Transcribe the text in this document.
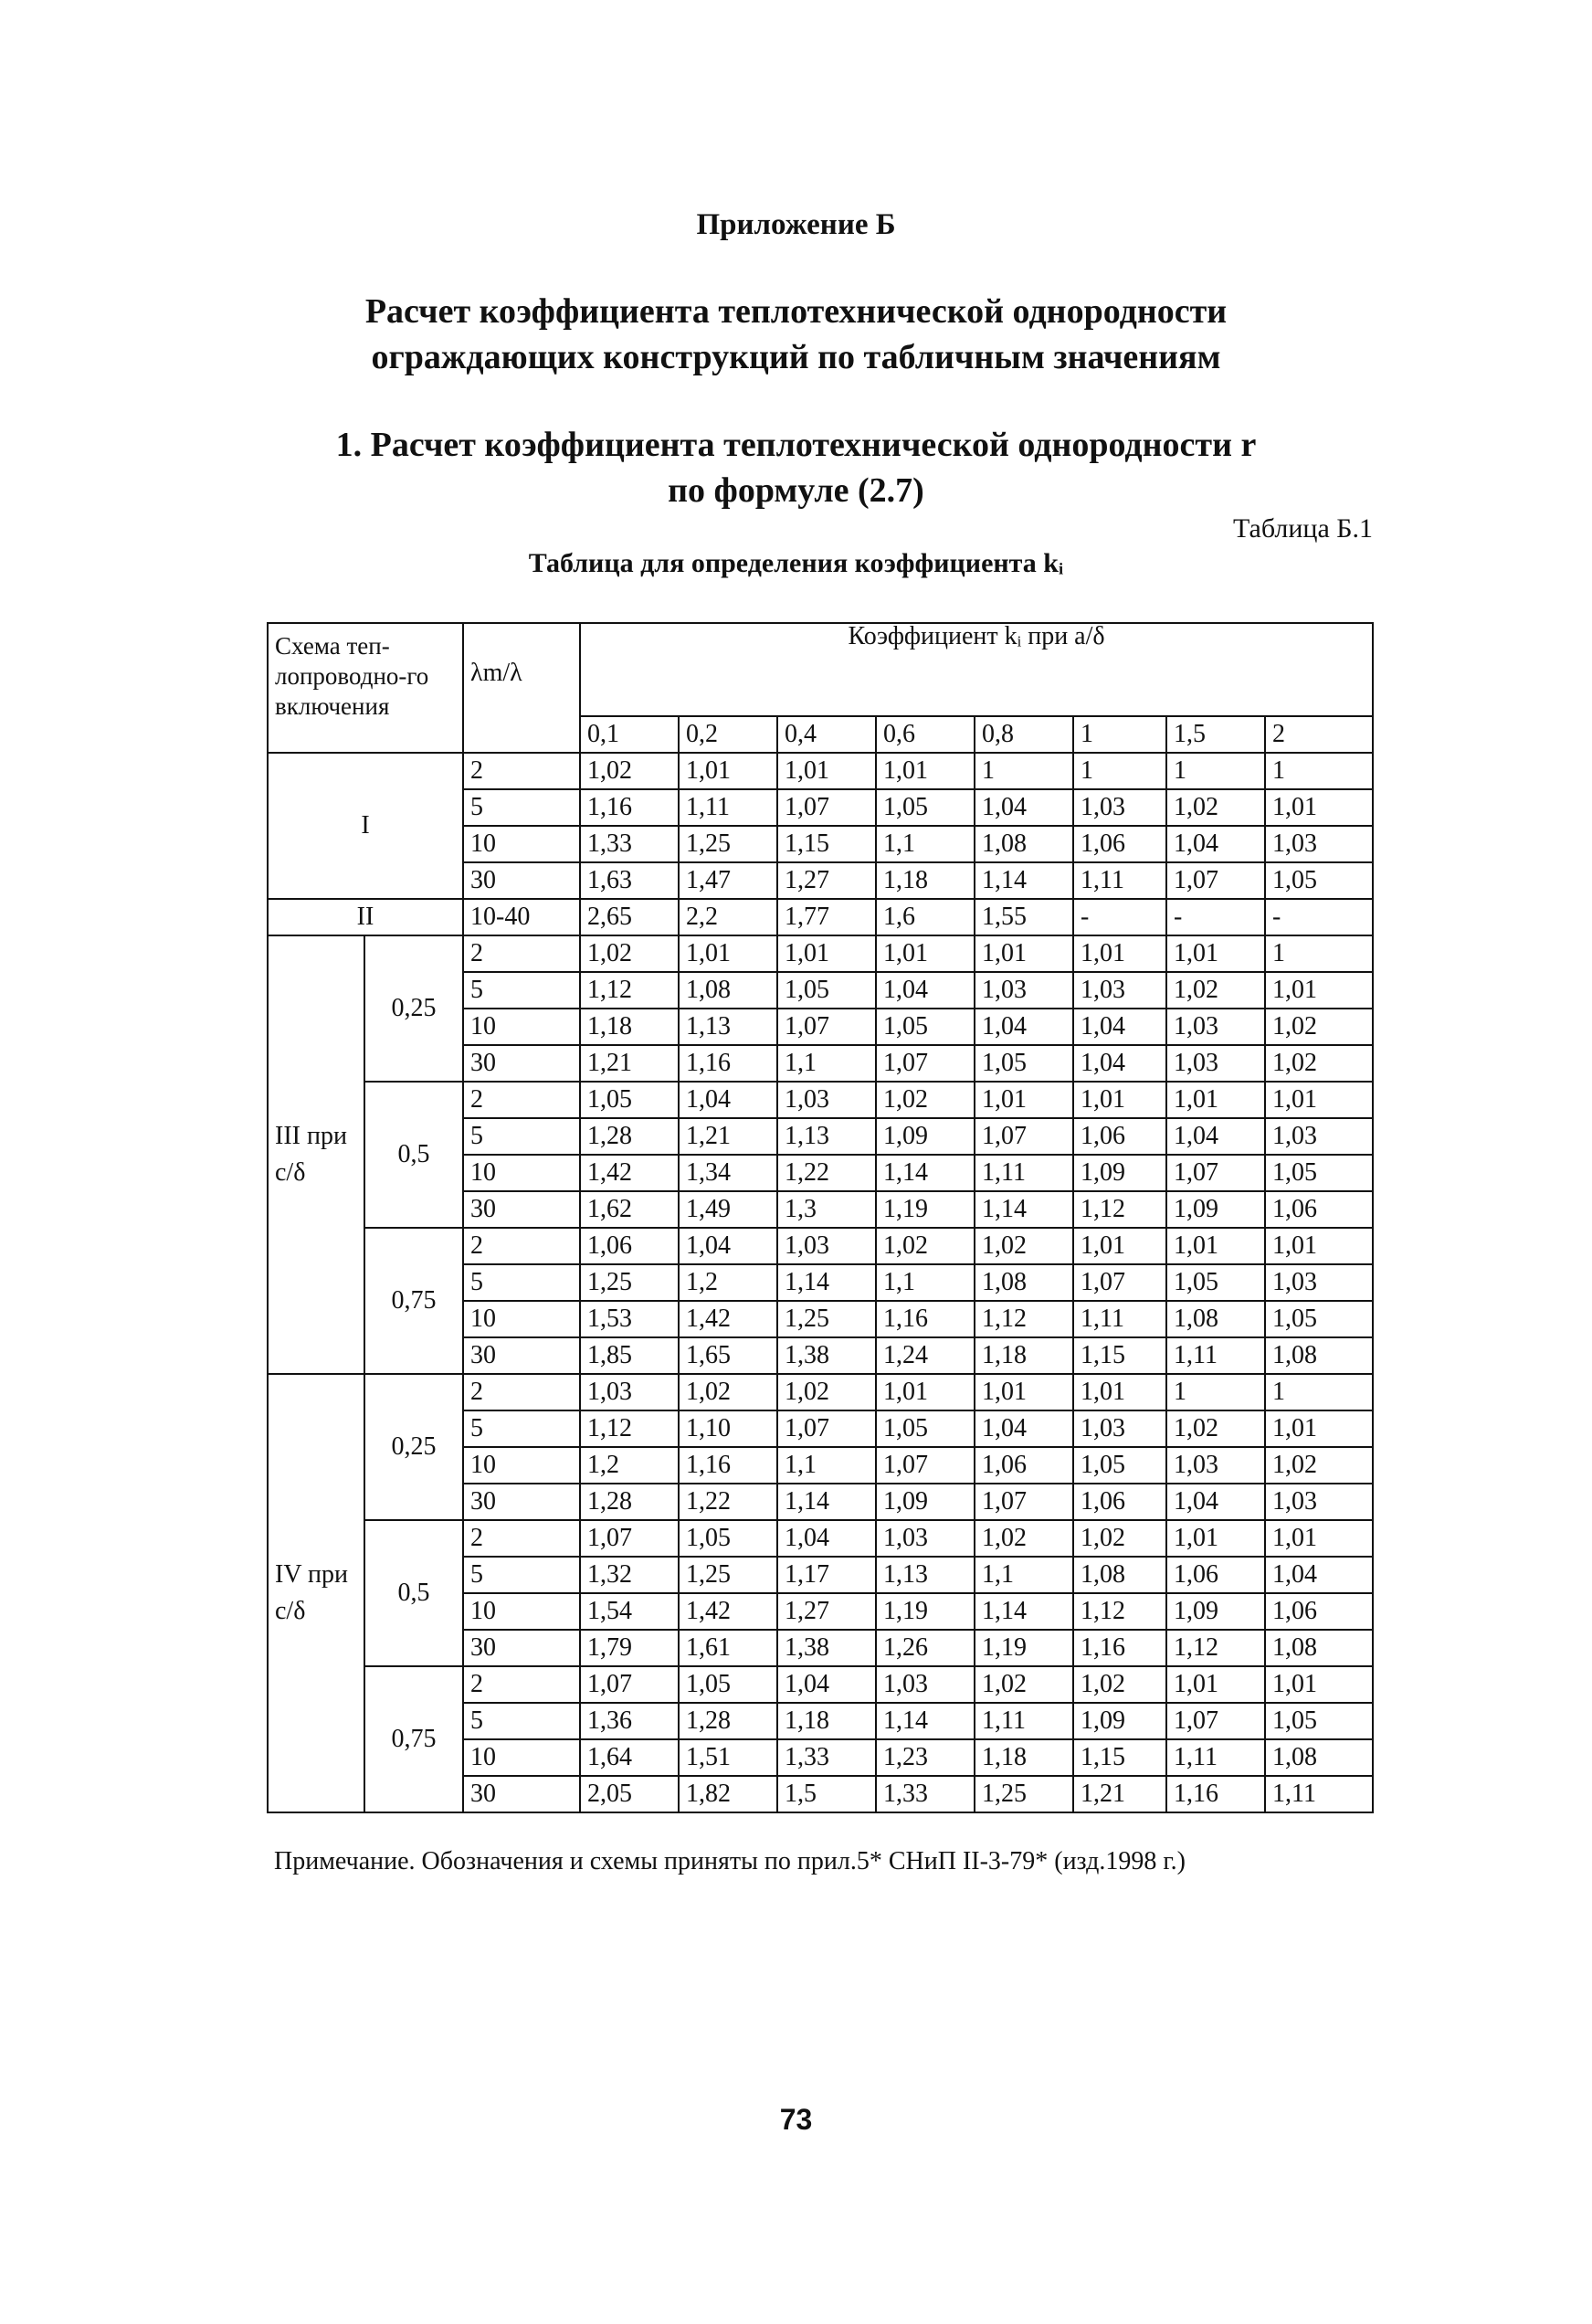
Приложение Б
Расчет коэффициента теплотехнической однородности
ограждающих конструкций по табличным значениям
1. Расчет коэффициента теплотехнической однородности r
по формуле (2.7)
Таблица Б.1
Таблица для определения коэффициента kᵢ
Схема теп-лопроводно-го включения		λm/λ	Коэффициент kᵢ при a/δ							
			0,1	0,2	0,4	0,6	0,8	1	1,5	2
I		2	1,02	1,01	1,01	1,01	1	1	1	1
		5	1,16	1,11	1,07	1,05	1,04	1,03	1,02	1,01
		10	1,33	1,25	1,15	1,1	1,08	1,06	1,04	1,03
		30	1,63	1,47	1,27	1,18	1,14	1,11	1,07	1,05
II		10-40	2,65	2,2	1,77	1,6	1,55	-	-	-
III при c/δ	0,25	2	1,02	1,01	1,01	1,01	1,01	1,01	1,01	1
		5	1,12	1,08	1,05	1,04	1,03	1,03	1,02	1,01
		10	1,18	1,13	1,07	1,05	1,04	1,04	1,03	1,02
		30	1,21	1,16	1,1	1,07	1,05	1,04	1,03	1,02
	0,5	2	1,05	1,04	1,03	1,02	1,01	1,01	1,01	1,01
		5	1,28	1,21	1,13	1,09	1,07	1,06	1,04	1,03
		10	1,42	1,34	1,22	1,14	1,11	1,09	1,07	1,05
		30	1,62	1,49	1,3	1,19	1,14	1,12	1,09	1,06
	0,75	2	1,06	1,04	1,03	1,02	1,02	1,01	1,01	1,01
		5	1,25	1,2	1,14	1,1	1,08	1,07	1,05	1,03
		10	1,53	1,42	1,25	1,16	1,12	1,11	1,08	1,05
		30	1,85	1,65	1,38	1,24	1,18	1,15	1,11	1,08
IV при c/δ	0,25	2	1,03	1,02	1,02	1,01	1,01	1,01	1	1
		5	1,12	1,10	1,07	1,05	1,04	1,03	1,02	1,01
		10	1,2	1,16	1,1	1,07	1,06	1,05	1,03	1,02
		30	1,28	1,22	1,14	1,09	1,07	1,06	1,04	1,03
	0,5	2	1,07	1,05	1,04	1,03	1,02	1,02	1,01	1,01
		5	1,32	1,25	1,17	1,13	1,1	1,08	1,06	1,04
		10	1,54	1,42	1,27	1,19	1,14	1,12	1,09	1,06
		30	1,79	1,61	1,38	1,26	1,19	1,16	1,12	1,08
	0,75	2	1,07	1,05	1,04	1,03	1,02	1,02	1,01	1,01
		5	1,36	1,28	1,18	1,14	1,11	1,09	1,07	1,05
		10	1,64	1,51	1,33	1,23	1,18	1,15	1,11	1,08
		30	2,05	1,82	1,5	1,33	1,25	1,21	1,16	1,11
Примечание. Обозначения и схемы приняты по прил.5* СНиП II-3-79* (изд.1998 г.)
73
